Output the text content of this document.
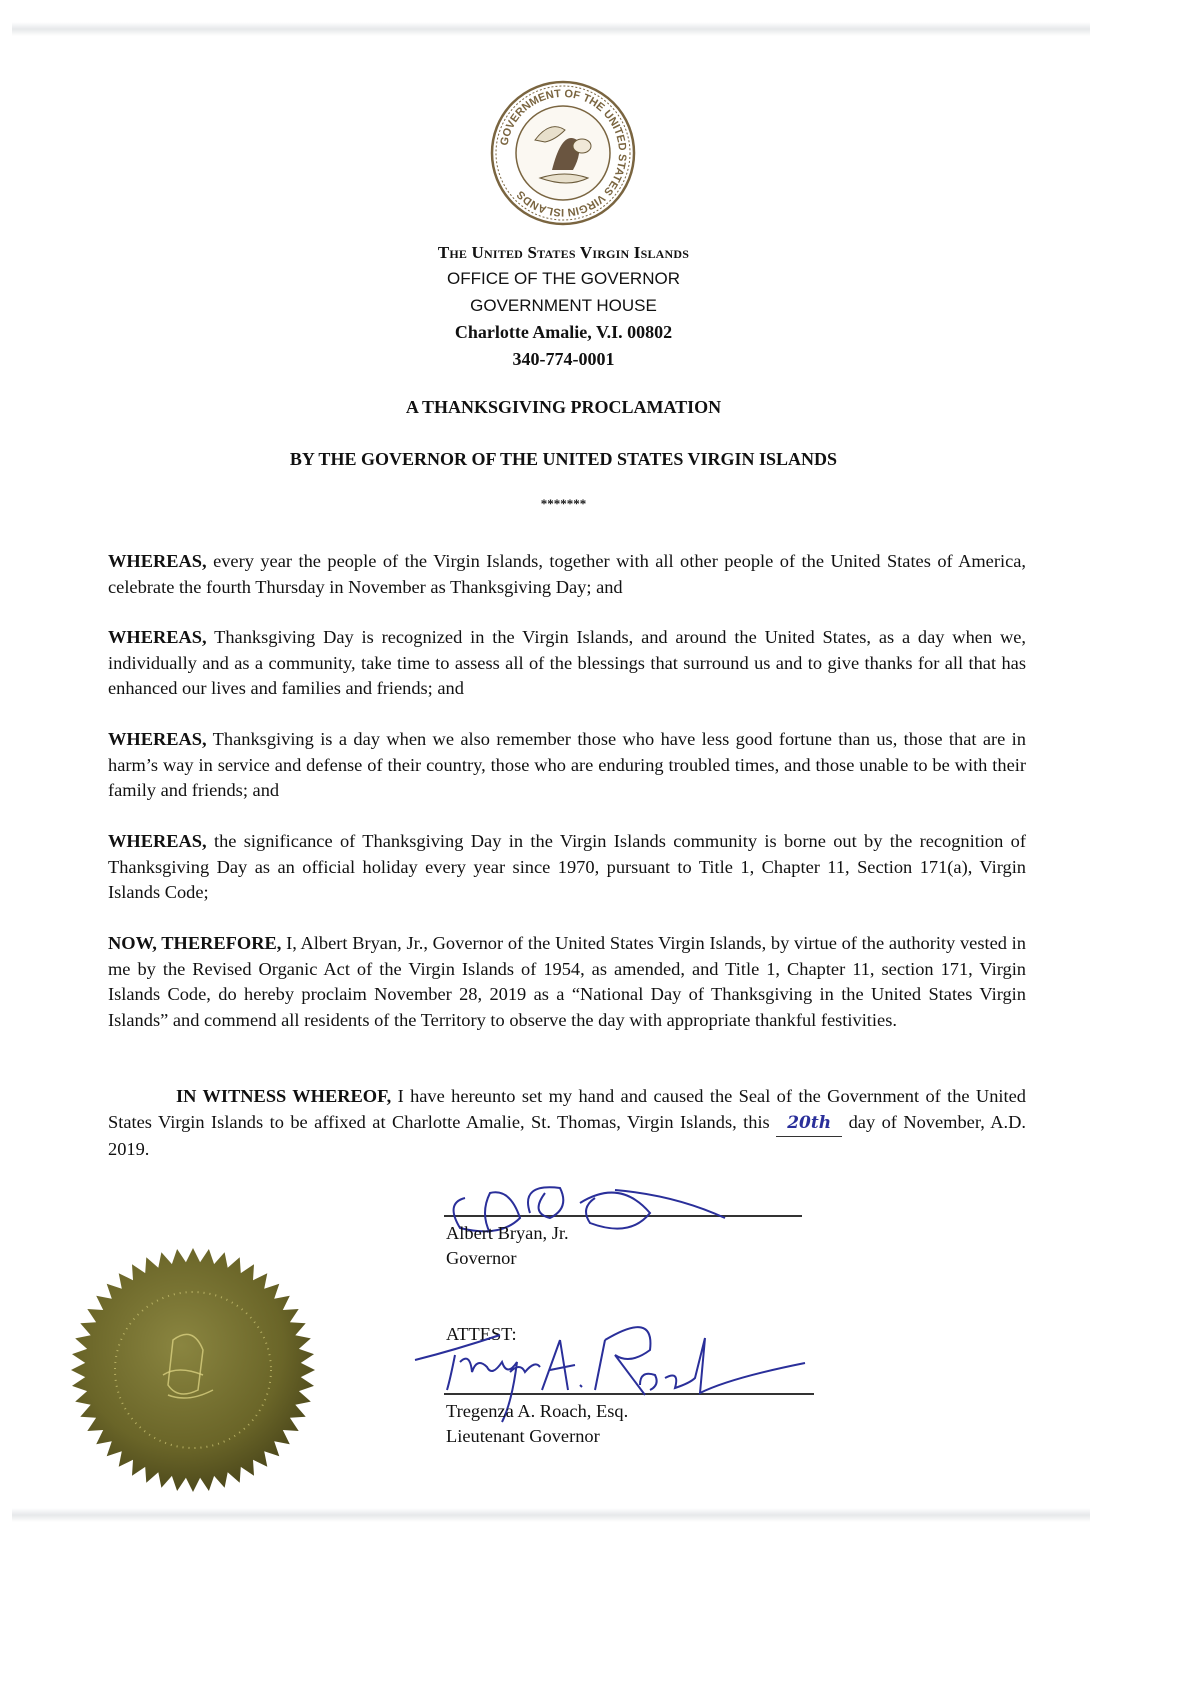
GOVERNMENT OF THE UNITED STATES VIRGIN ISLANDS
The United States Virgin Islands
OFFICE OF THE GOVERNOR
GOVERNMENT HOUSE
Charlotte Amalie, V.I. 00802
340-774-0001
A THANKSGIVING PROCLAMATION
BY THE GOVERNOR OF THE UNITED STATES VIRGIN ISLANDS
*******
WHEREAS, every year the people of the Virgin Islands, together with all other people of the United States of America, celebrate the fourth Thursday in November as Thanksgiving Day; and
WHEREAS, Thanksgiving Day is recognized in the Virgin Islands, and around the United States, as a day when we, individually and as a community, take time to assess all of the blessings that surround us and to give thanks for all that has enhanced our lives and families and friends; and
WHEREAS, Thanksgiving is a day when we also remember those who have less good fortune than us, those that are in harm’s way in service and defense of their country, those who are enduring troubled times, and those unable to be with their family and friends; and
WHEREAS, the significance of Thanksgiving Day in the Virgin Islands community is borne out by the recognition of Thanksgiving Day as an official holiday every year since 1970, pursuant to Title 1, Chapter 11, Section 171(a), Virgin Islands Code;
NOW, THEREFORE, I, Albert Bryan, Jr., Governor of the United States Virgin Islands, by virtue of the authority vested in me by the Revised Organic Act of the Virgin Islands of 1954, as amended, and Title 1, Chapter 11, section 171, Virgin Islands Code, do hereby proclaim November 28, 2019 as a “National Day of Thanksgiving in the United States Virgin Islands” and commend all residents of the Territory to observe the day with appropriate thankful festivities.
IN WITNESS WHEREOF, I have hereunto set my hand and caused the Seal of the Government of the United States Virgin Islands to be affixed at Charlotte Amalie, St. Thomas, Virgin Islands, this 20th day of November, A.D. 2019.
Albert Bryan, Jr.
Governor
ATTEST:
Tregenza A. Roach, Esq.
Lieutenant Governor
